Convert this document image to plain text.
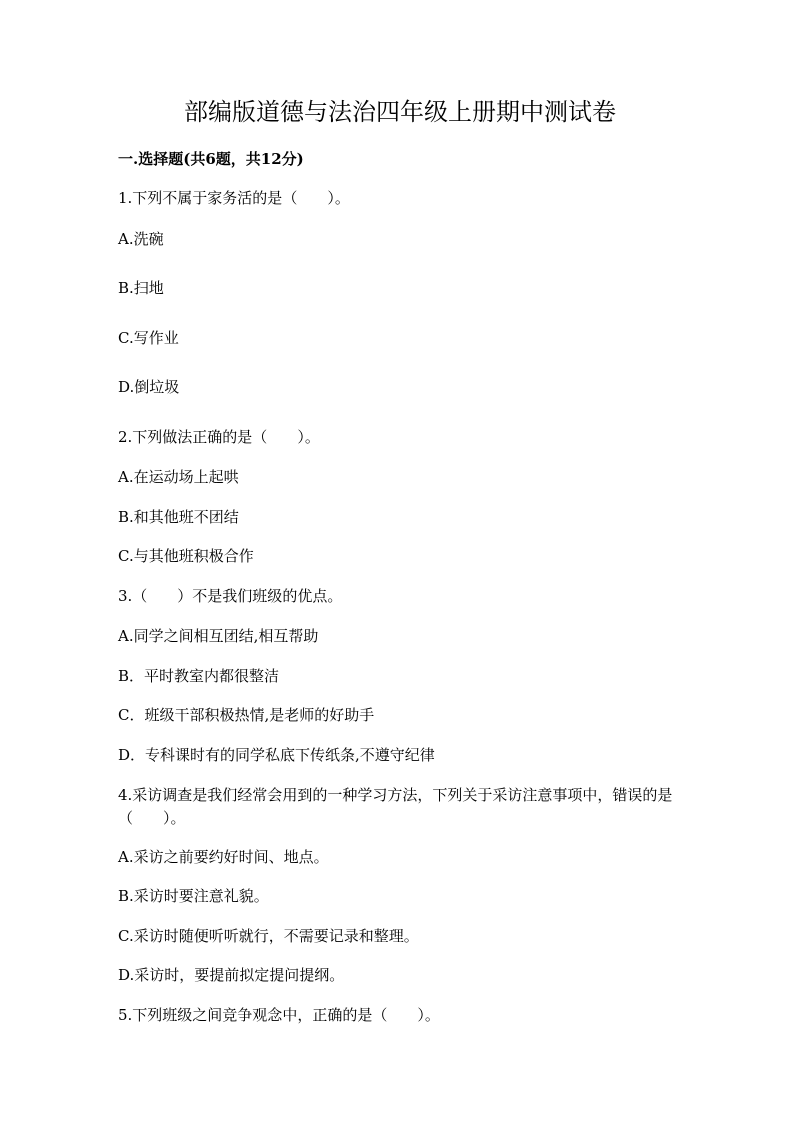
部编版道德与法治四年级上册期中测试卷

一.选择题(共6题，共12分)

1.下列不属于家务活的是（　　）。

A.洗碗

B.扫地

C.写作业

D.倒垃圾

2.下列做法正确的是（　　）。

A.在运动场上起哄

B.和其他班不团结

C.与其他班积极合作

3.（　　）不是我们班级的优点。

A.同学之间相互团结,相互帮助

B．平时教室内都很整洁

C．班级干部积极热情,是老师的好助手

D．专科课时有的同学私底下传纸条,不遵守纪律

4.采访调查是我们经常会用到的一种学习方法，下列关于采访注意事项中，错误的是（　　）。

A.采访之前要约好时间、地点。

B.采访时要注意礼貌。

C.采访时随便听听就行，不需要记录和整理。

D.采访时，要提前拟定提问提纲。

5.下列班级之间竞争观念中，正确的是（　　）。
